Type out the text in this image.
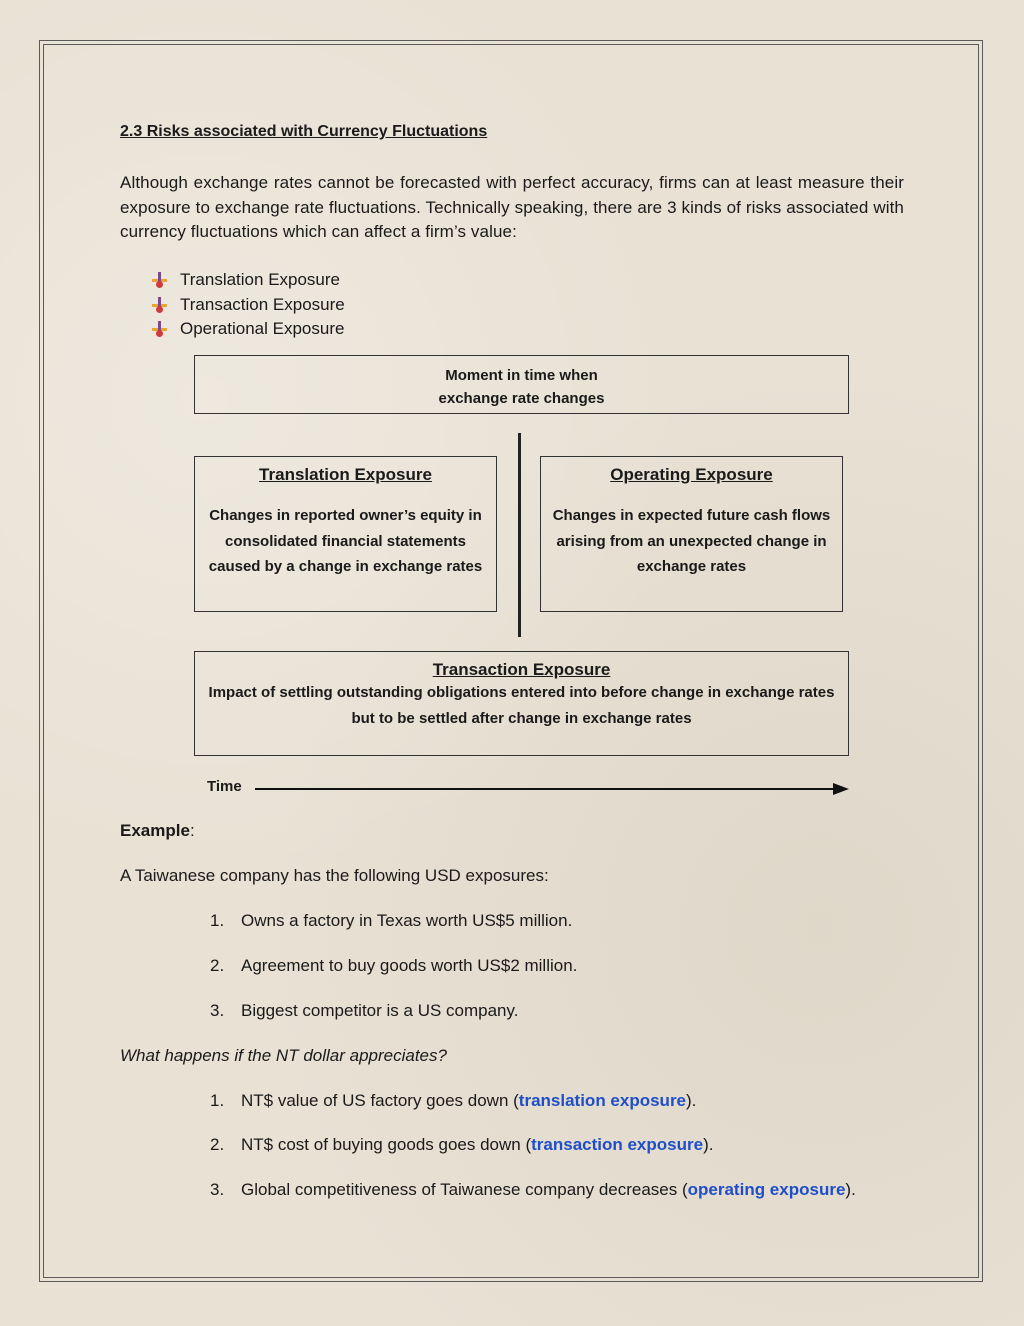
2.3 Risks associated with Currency Fluctuations
Although exchange rates cannot be forecasted with perfect accuracy, firms can at least measure their exposure to exchange rate fluctuations. Technically speaking, there are 3 kinds of risks associated with currency fluctuations which can affect a firm’s value:
Translation Exposure
Transaction Exposure
Operational Exposure
Moment in time when
exchange rate changes
Translation Exposure
Changes in reported owner’s equity in consolidated financial statements caused by a change in exchange rates
Operating Exposure
Changes in expected future cash flows arising from an unexpected change in exchange rates
Transaction Exposure
Impact of settling outstanding obligations entered into before change in exchange rates but to be settled after change in exchange rates
Time
Example:
A Taiwanese company has the following USD exposures:
1. Owns a factory in Texas worth US$5 million.
2. Agreement to buy goods worth US$2 million.
3. Biggest competitor is a US company.
What happens if the NT dollar appreciates?
1. NT$ value of US factory goes down (translation exposure).
2. NT$ cost of buying goods goes down (transaction exposure).
3. Global competitiveness of Taiwanese company decreases (operating exposure).
